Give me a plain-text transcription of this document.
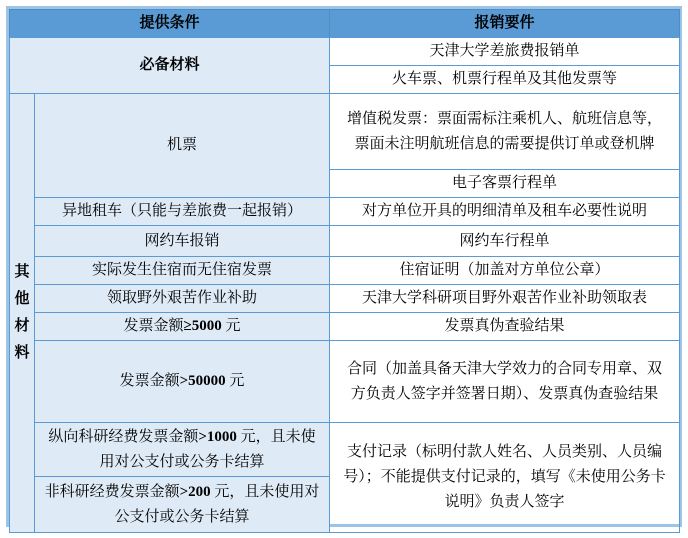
提供条件		报销要件
必备材料		天津大学差旅费报销单
		火车票、机票行程单及其他发票等

其他材料	机票	增值税发票：票面需标注乘机人、航班信息等，票面未注明航班信息的需要提供订单或登机牌
		电子客票行程单
	异地租车（只能与差旅费一起报销）	对方单位开具的明细清单及租车必要性说明
	网约车报销	网约车行程单
	实际发生住宿而无住宿发票	住宿证明（加盖对方单位公章）
	领取野外艰苦作业补助	天津大学科研项目野外艰苦作业补助领取表
	发票金额≥5000 元	发票真伪查验结果
	发票金额>50000 元	合同（加盖具备天津大学效力的合同专用章、双方负责人签字并签署日期）、发票真伪查验结果
	纵向科研经费发票金额>1000 元，且未使用对公支付或公务卡结算	支付记录（标明付款人姓名、人员类别、人员编号）；不能提供支付记录的，填写《未使用公务卡说明》负责人签字
	非科研经费发票金额>200 元，且未使用对公支付或公务卡结算	
